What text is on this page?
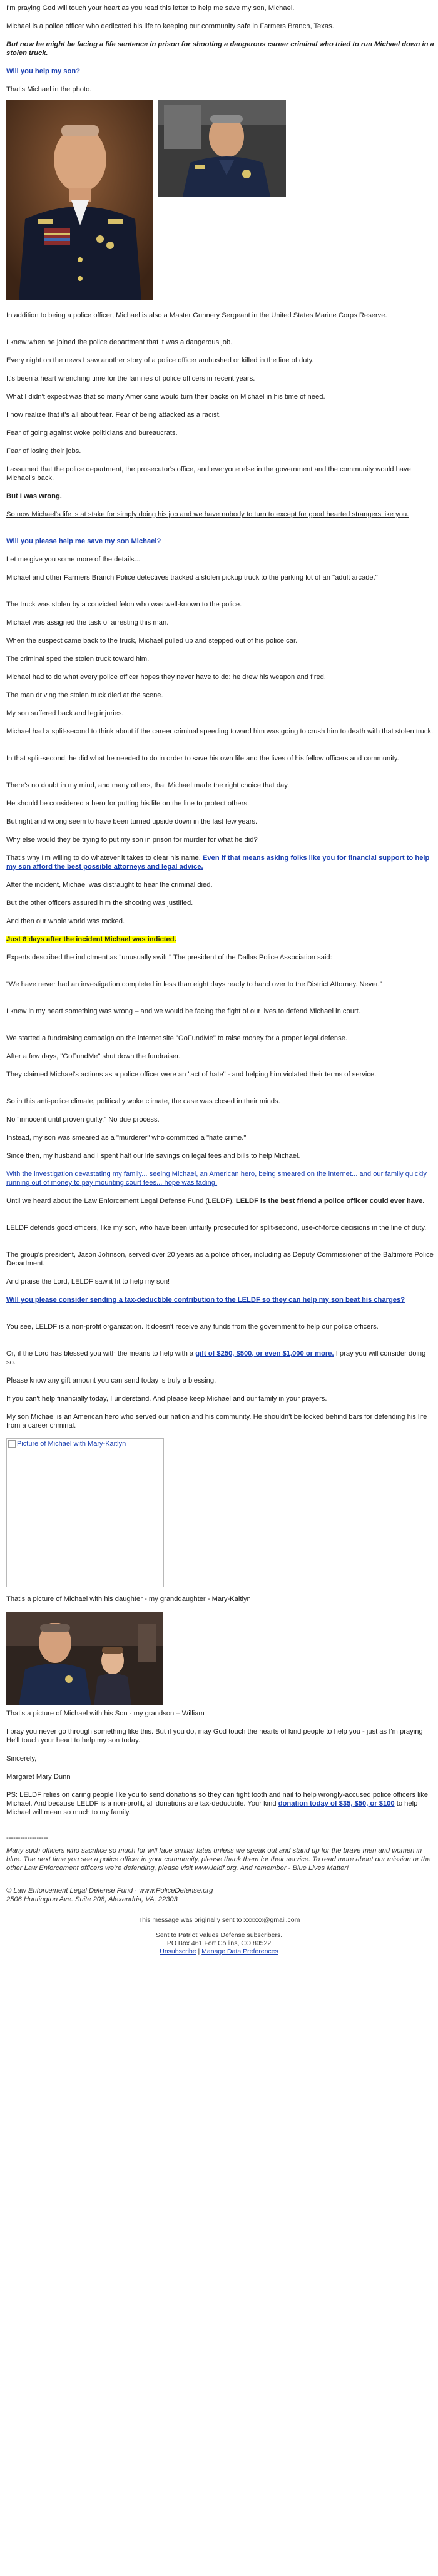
I'm praying God will touch your heart as you read this letter to help me save my son, Michael.

Michael is a police officer who dedicated his life to keeping our community safe in Farmers Branch, Texas.

But now he might be facing a life sentence in prison for shooting a dangerous career criminal who tried to run Michael down in a stolen truck.

Will you help my son?

That's Michael in the photo.

In addition to being a police officer, Michael is also a Master Gunnery Sergeant in the United States Marine Corps Reserve.

I knew when he joined the police department that it was a dangerous job.

Every night on the news I saw another story of a police officer ambushed or killed in the line of duty.

It's been a heart wrenching time for the families of police officers in recent years.

What I didn't expect was that so many Americans would turn their backs on Michael in his time of need.

I now realize that it's all about fear. Fear of being attacked as a racist.

Fear of going against woke politicians and bureaucrats.

Fear of losing their jobs.

I assumed that the police department, the prosecutor's office, and everyone else in the government and the community would have Michael's back.

But I was wrong.

So now Michael's life is at stake for simply doing his job and we have nobody to turn to except for good hearted strangers like you.

Will you please help me save my son Michael?

Let me give you some more of the details...

Michael and other Farmers Branch Police detectives tracked a stolen pickup truck to the parking lot of an "adult arcade."

The truck was stolen by a convicted felon who was well-known to the police.

Michael was assigned the task of arresting this man.

When the suspect came back to the truck, Michael pulled up and stepped out of his police car.

The criminal sped the stolen truck toward him.

Michael had to do what every police officer hopes they never have to do: he drew his weapon and fired.

The man driving the stolen truck died at the scene.

My son suffered back and leg injuries.

Michael had a split-second to think about if the career criminal speeding toward him was going to crush him to death with that stolen truck.

In that split-second, he did what he needed to do in order to save his own life and the lives of his fellow officers and community.

There's no doubt in my mind, and many others, that Michael made the right choice that day.

He should be considered a hero for putting his life on the line to protect others.

But right and wrong seem to have been turned upside down in the last few years.

Why else would they be trying to put my son in prison for murder for what he did?

That's why I'm willing to do whatever it takes to clear his name. Even if that means asking folks like you for financial support to help my son afford the best possible attorneys and legal advice.

After the incident, Michael was distraught to hear the criminal died.

But the other officers assured him the shooting was justified.

And then our whole world was rocked.

Just 8 days after the incident Michael was indicted.

Experts described the indictment as "unusually swift." The president of the Dallas Police Association said:

"We have never had an investigation completed in less than eight days ready to hand over to the District Attorney. Never."

I knew in my heart something was wrong – and we would be facing the fight of our lives to defend Michael in court.

We started a fundraising campaign on the internet site "GoFundMe" to raise money for a proper legal defense.

After a few days, "GoFundMe" shut down the fundraiser.

They claimed Michael's actions as a police officer were an "act of hate" - and helping him violated their terms of service.

So in this anti-police climate, politically woke climate, the case was closed in their minds.

No "innocent until proven guilty." No due process.

Instead, my son was smeared as a "murderer" who committed a "hate crime."

Since then, my husband and I spent half our life savings on legal fees and bills to help Michael.

With the investigation devastating my family... seeing Michael, an American hero, being smeared on the internet... and our family quickly running out of money to pay mounting court fees... hope was fading.

Until we heard about the Law Enforcement Legal Defense Fund (LELDF). LELDF is the best friend a police officer could ever have.

LELDF defends good officers, like my son, who have been unfairly prosecuted for split-second, use-of-force decisions in the line of duty.

The group's president, Jason Johnson, served over 20 years as a police officer, including as Deputy Commissioner of the Baltimore Police Department.

And praise the Lord, LELDF saw it fit to help my son!

Will you please consider sending a tax-deductible contribution to the LELDF so they can help my son beat his charges?

You see, LELDF is a non-profit organization. It doesn't receive any funds from the government to help our police officers.

Or, if the Lord has blessed you with the means to help with a gift of $250, $500, or even $1,000 or more. I pray you will consider doing so.

Please know any gift amount you can send today is truly a blessing.

If you can't help financially today, I understand. And please keep Michael and our family in your prayers.

My son Michael is an American hero who served our nation and his community. He shouldn't be locked behind bars for defending his life from a career criminal.

Picture of Michael with Mary-Kaitlyn

That's a picture of Michael with his daughter - my granddaughter - Mary-Kaitlyn

That's a picture of Michael with his Son - my grandson – William

I pray you never go through something like this. But if you do, may God touch the hearts of kind people to help you - just as I'm praying He'll touch your heart to help my son today.

Sincerely,

Margaret Mary Dunn

PS: LELDF relies on caring people like you to send donations so they can fight tooth and nail to help wrongly-accused police officers like Michael. And because LELDF is a non-profit, all donations are tax-deductible. Your kind donation today of $35, $50, or $100 to help Michael will mean so much to my family.

------------------

Many such officers who sacrifice so much for will face similar fates unless we speak out and stand up for the brave men and women in blue. The next time you see a police officer in your community, please thank them for their service. To read more about our mission or the other Law Enforcement officers we're defending, please visit www.leldf.org. And remember - Blue Lives Matter!

© Law Enforcement Legal Defense Fund · www.PoliceDefense.org

2506 Huntington Ave. Suite 208, Alexandria, VA, 22303

This message was originally sent to xxxxxx@gmail.com
Sent to Patriot Values Defense subscribers.
PO Box 461 Fort Collins, CO 80522
Unsubscribe | Manage Data Preferences
